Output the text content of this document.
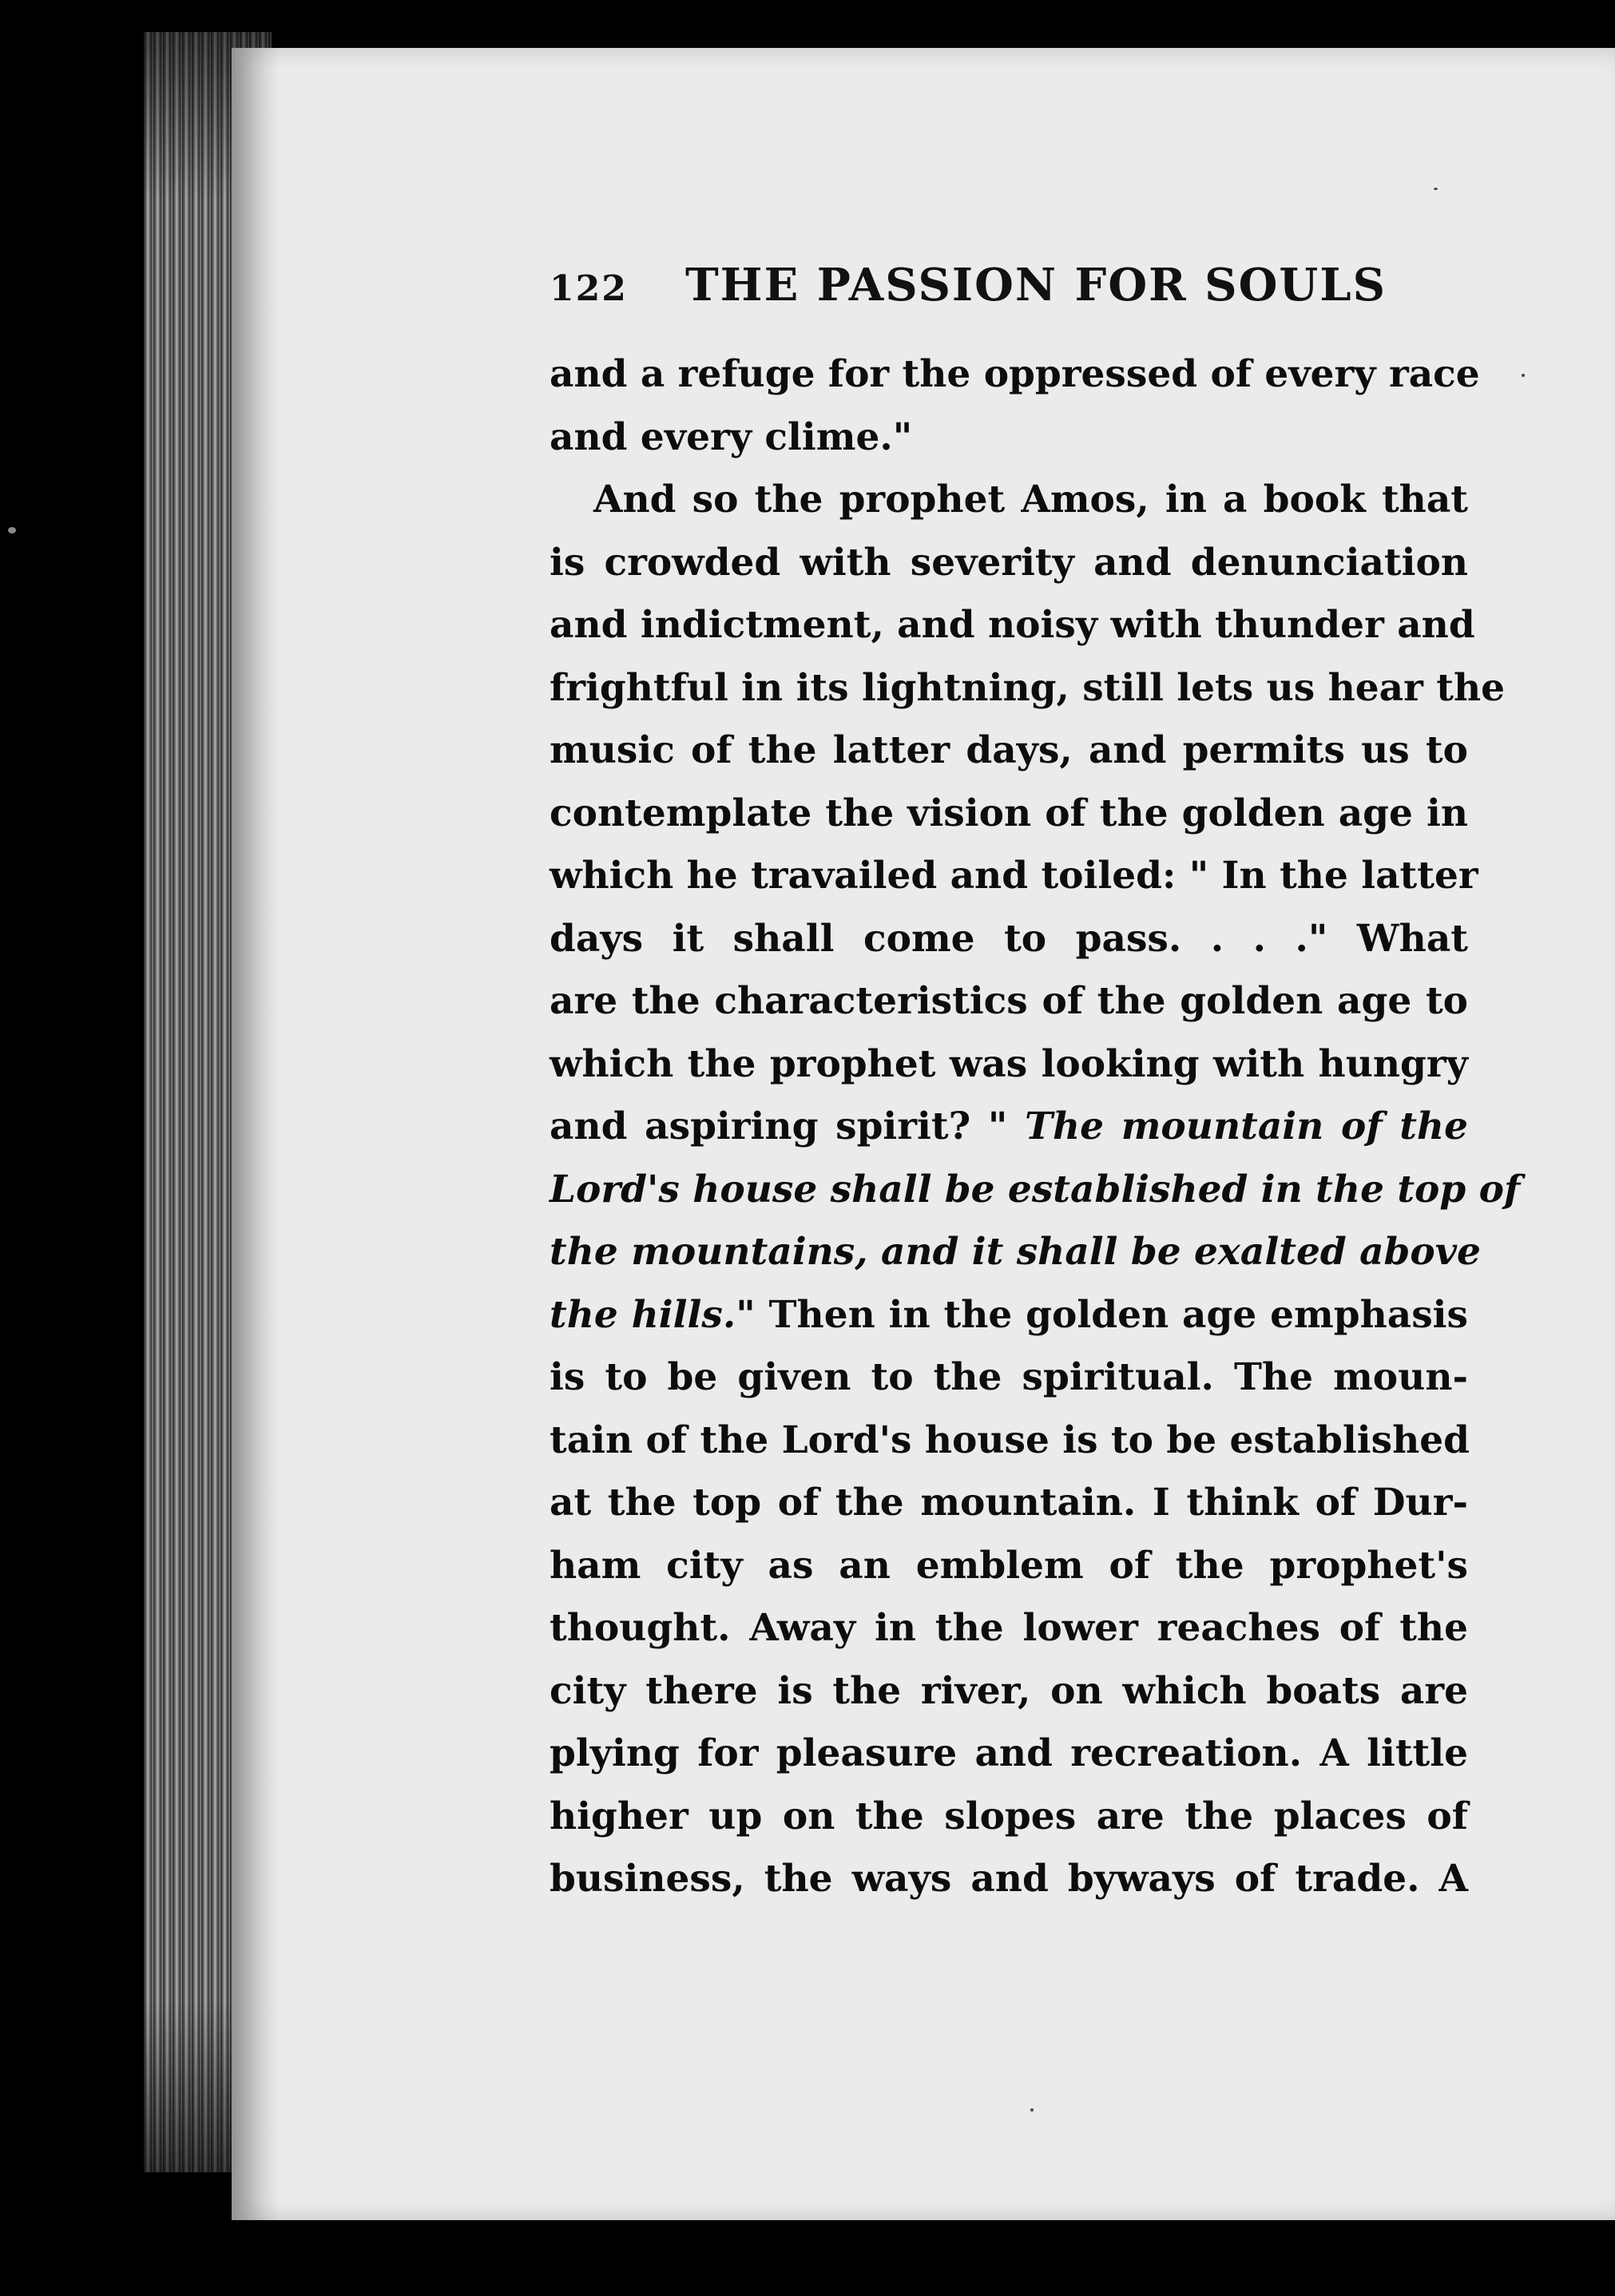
122 THE PASSION FOR SOULS
and a refuge for the oppressed of every race
and every clime."
And so the prophet Amos, in a book that
is crowded with severity and denunciation
and indictment, and noisy with thunder and
frightful in its lightning, still lets us hear the
music of the latter days, and permits us to
contemplate the vision of the golden age in
which he travailed and toiled: " In the latter
days it shall come to pass. . . ." What
are the characteristics of the golden age to
which the prophet was looking with hungry
and aspiring spirit? " The mountain of the
Lord's house shall be established in the top of
the mountains, and it shall be exalted above
the hills." Then in the golden age emphasis
is to be given to the spiritual. The moun-
tain of the Lord's house is to be established
at the top of the mountain. I think of Dur-
ham city as an emblem of the prophet's
thought. Away in the lower reaches of the
city there is the river, on which boats are
plying for pleasure and recreation. A little
higher up on the slopes are the places of
business, the ways and byways of trade. A
